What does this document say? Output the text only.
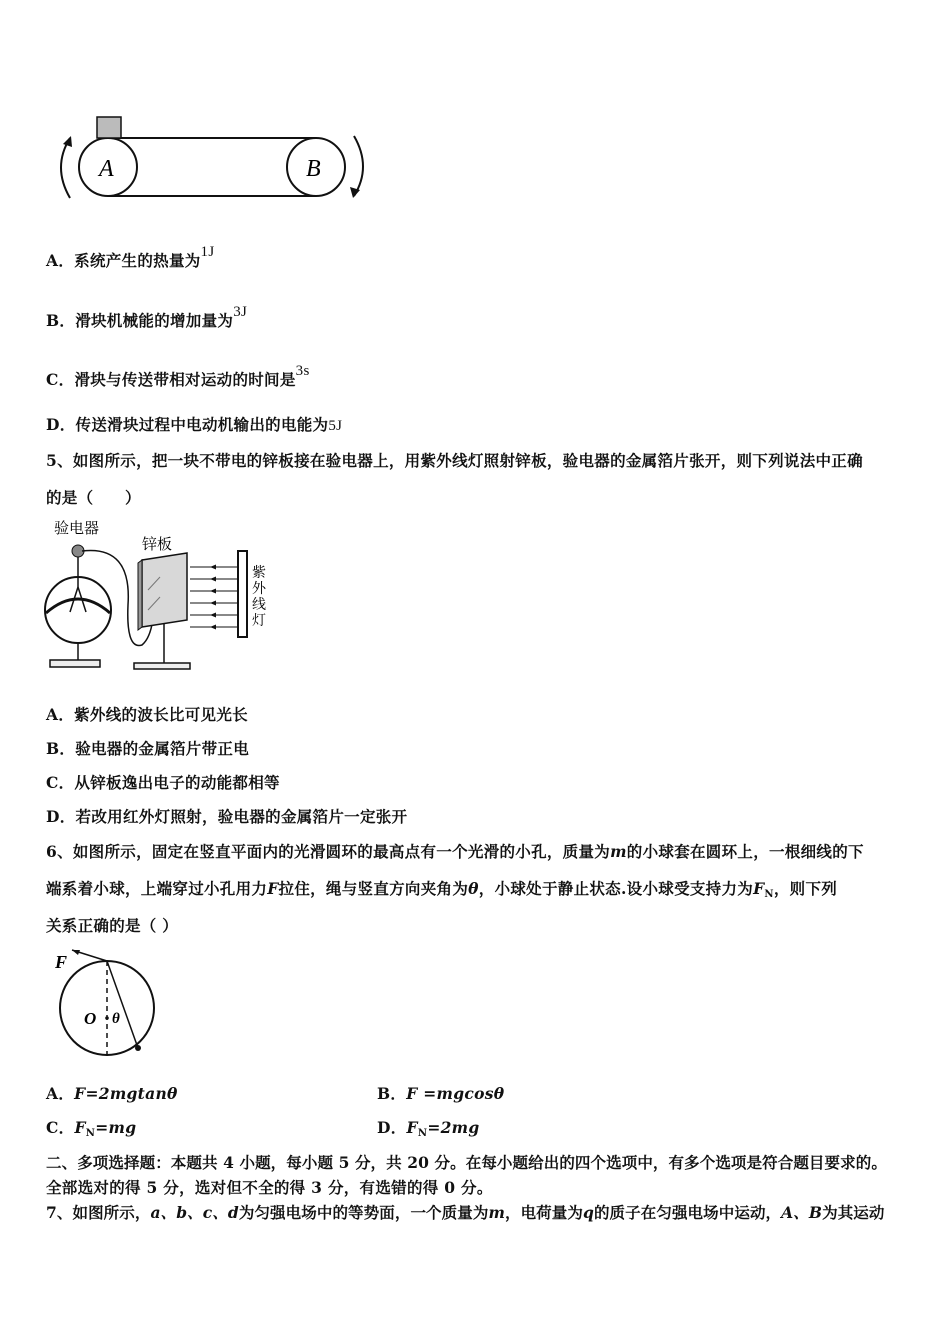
A	B
A．系统产生的热量为1J
B．滑块机械能的增加量为3J
C．滑块与传送带相对运动的时间是3s
D．传送滑块过程中电动机输出的电能为5J
5、如图所示，把一块不带电的锌板接在验电器上，用紫外线灯照射锌板，验电器的金属箔片张开，则下列说法中正确
的是（　　）
验电器
锌板
紫
外
线
灯
A．紫外线的波长比可见光长
B．验电器的金属箔片带正电
C．从锌板逸出电子的动能都相等
D．若改用红外灯照射，验电器的金属箔片一定张开
6、如图所示，固定在竖直平面内的光滑圆环的最高点有一个光滑的小孔，质量为m的小球套在圆环上，一根细线的下
端系着小球，上端穿过小孔用力F拉住，绳与竖直方向夹角为θ，小球处于静止状态.设小球受支持力为FN，则下列
关系正确的是（ ）
F
O θ
A．F=2mgtanθ	B．F =mgcosθ
C．FN=mg	D．FN=2mg
二、多项选择题：本题共 4 小题，每小题 5 分，共 20 分。在每小题给出的四个选项中，有多个选项是符合题目要求的。
全部选对的得 5 分，选对但不全的得 3 分，有选错的得 0 分。
7、如图所示，a、b、c、d为匀强电场中的等势面，一个质量为m，电荷量为q的质子在匀强电场中运动，A、B为其运动
